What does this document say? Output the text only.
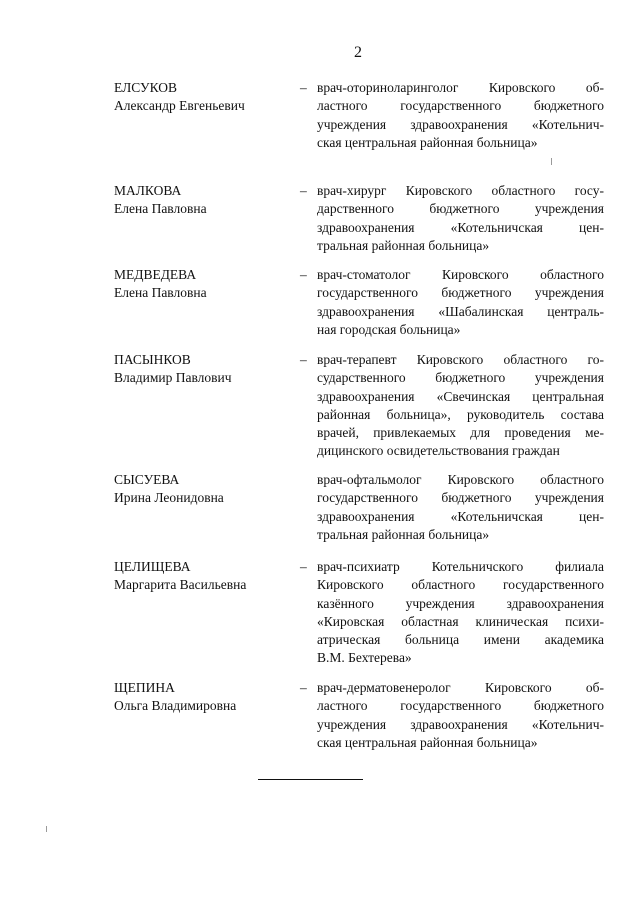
2
ЕЛСУКОВ
Александр Евгеньевич
– врач-оториноларинголог Кировского об-
ластного государственного бюджетного
учреждения здравоохранения «Котельнич-
ская центральная районная больница»
МАЛКОВА
Елена Павловна
– врач-хирург Кировского областного госу-
дарственного бюджетного учреждения
здравоохранения «Котельничская цен-
тральная районная больница»
МЕДВЕДЕВА
Елена Павловна
– врач-стоматолог Кировского областного
государственного бюджетного учреждения
здравоохранения «Шабалинская централь-
ная городская больница»
ПАСЫНКОВ
Владимир Павлович
– врач-терапевт Кировского областного го-
сударственного бюджетного учреждения
здравоохранения «Свечинская центральная
районная больница», руководитель состава
врачей, привлекаемых для проведения ме-
дицинского освидетельствования граждан
СЫСУЕВА
Ирина Леонидовна
врач-офтальмолог Кировского областного
государственного бюджетного учреждения
здравоохранения «Котельничская цен-
тральная районная больница»
ЦЕЛИЩЕВА
Маргарита Васильевна
– врач-психиатр Котельничского филиала
Кировского областного государственного
казённого учреждения здравоохранения
«Кировская областная клиническая психи-
атрическая больница имени академика
В.М. Бехтерева»
ЩЕПИНА
Ольга Владимировна
– врач-дерматовенеролог Кировского об-
ластного государственного бюджетного
учреждения здравоохранения «Котельнич-
ская центральная районная больница»
